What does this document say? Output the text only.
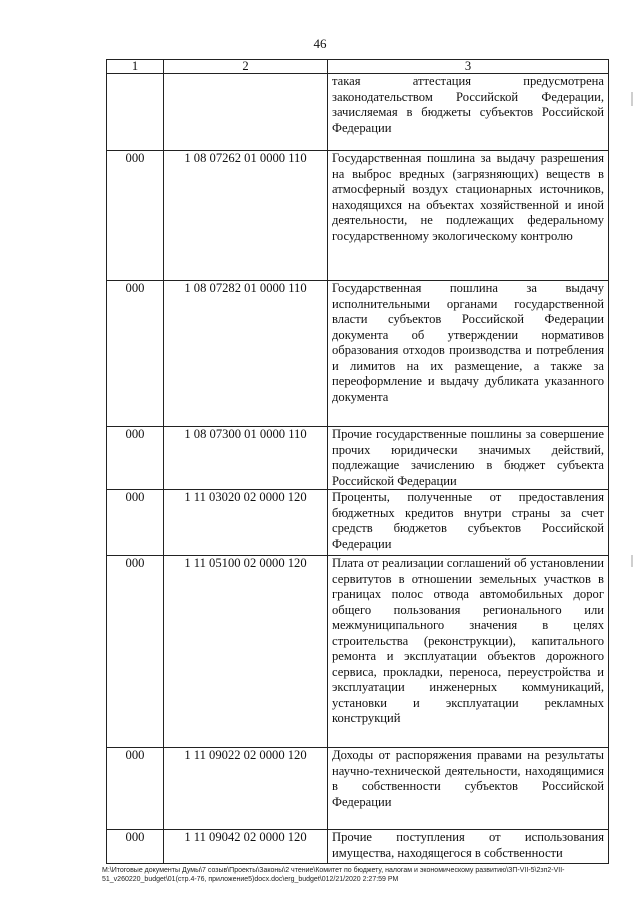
46
1	2	3
		такая аттестация предусмотрена законодательством Российской Федерации, зачисляемая в бюджеты субъектов Российской Федерации
000	1 08 07262 01 0000 110	Государственная пошлина за выдачу разрешения на выброс вредных (загрязняющих) веществ в атмосферный воздух стационарных источников, находящихся на объектах хозяйственной и иной деятельности, не подлежащих федеральному государственному экологическому контролю
000	1 08 07282 01 0000 110	Государственная пошлина за выдачу исполнительными органами государственной власти субъектов Российской Федерации документа об утверждении нормативов образования отходов производства и потребления и лимитов на их размещение, а также за переоформление и выдачу дубликата указанного документа
000	1 08 07300 01 0000 110	Прочие государственные пошлины за совершение прочих юридически значимых действий, подлежащие зачислению в бюджет субъекта Российской Федерации
000	1 11 03020 02 0000 120	Проценты, полученные от предоставления бюджетных кредитов внутри страны за счет средств бюджетов субъектов Российской Федерации
000	1 11 05100 02 0000 120	Плата от реализации соглашений об установлении сервитутов в отношении земельных участков в границах полос отвода автомобильных дорог общего пользования регионального или межмуниципального значения в целях строительства (реконструкции), капитального ремонта и эксплуатации объектов дорожного сервиса, прокладки, переноса, переустройства и эксплуатации инженерных коммуникаций, установки и эксплуатации рекламных конструкций
000	1 11 09022 02 0000 120	Доходы от распоряжения правами на результаты научно-технической деятельности, находящимися в собственности субъектов Российской Федерации
000	1 11 09042 02 0000 120	Прочие поступления от использования имущества, находящегося в собственности
M:\Итоговые документы Думы\7 созыв\Проекты\Законы\2 чтение\Комитет по бюджету, налогам и экономическому развитию\ЗП-VII-5\2зп2-VII-51_v260220_budget\01(стр.4-76, приложение5)docx.doc\erg_budget\012/21/2020 2:27:59 PM
